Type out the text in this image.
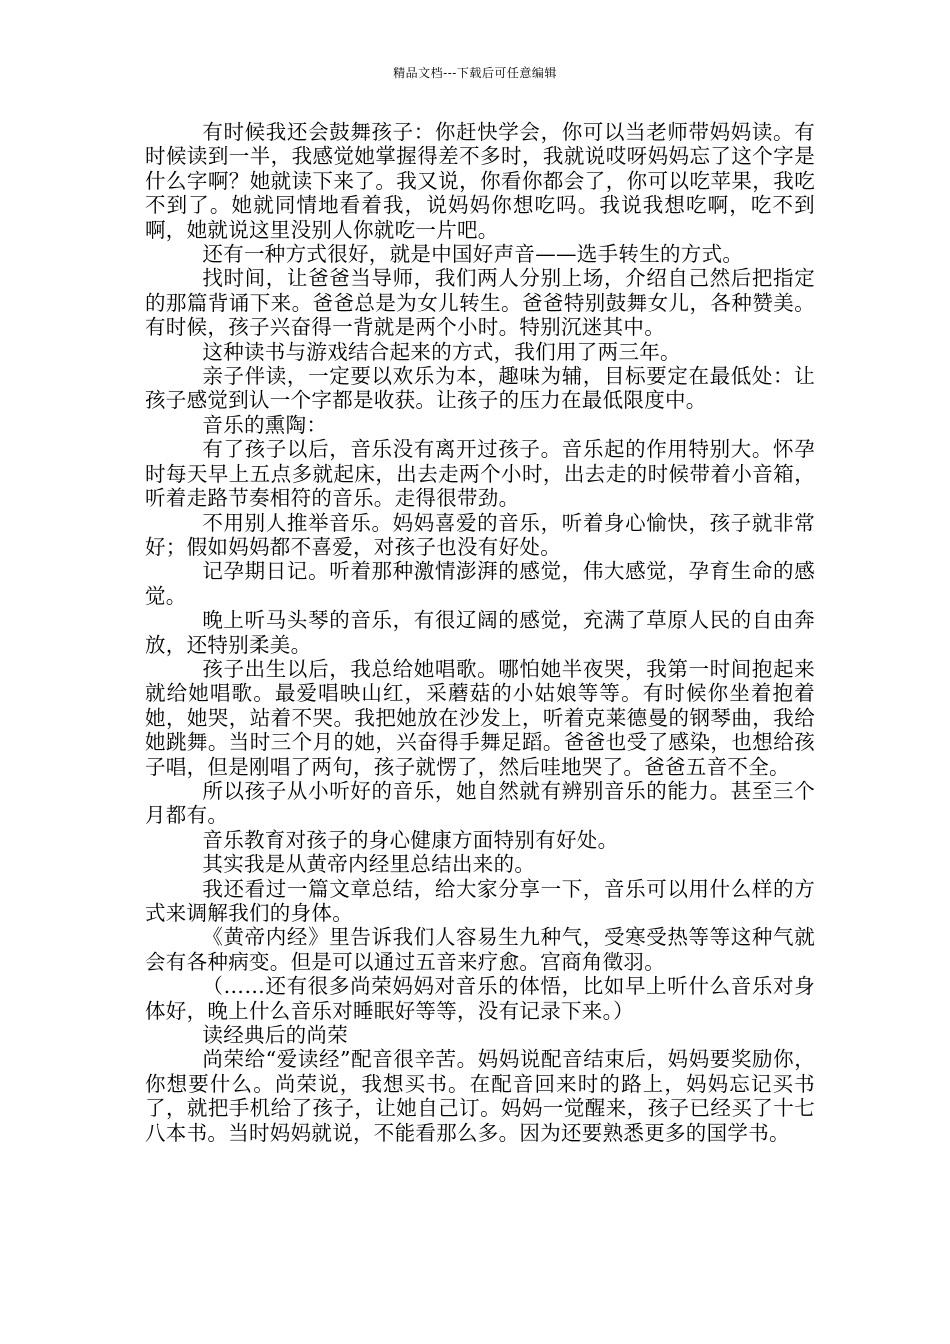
精品文档---下载后可任意编辑

有时候我还会鼓舞孩子：你赶快学会，你可以当老师带妈妈读。有时候读到一半，我感觉她掌握得差不多时，我就说哎呀妈妈忘了这个字是什么字啊？她就读下来了。我又说，你看你都会了，你可以吃苹果，我吃不到了。她就同情地看着我，说妈妈你想吃吗。我说我想吃啊，吃不到啊，她就说这里没别人你就吃一片吧。

还有一种方式很好，就是中国好声音——选手转生的方式。

找时间，让爸爸当导师，我们两人分别上场，介绍自己然后把指定的那篇背诵下来。爸爸总是为女儿转生。爸爸特别鼓舞女儿，各种赞美。有时候，孩子兴奋得一背就是两个小时。特别沉迷其中。

这种读书与游戏结合起来的方式，我们用了两三年。

亲子伴读，一定要以欢乐为本，趣味为辅，目标要定在最低处：让孩子感觉到认一个字都是收获。让孩子的压力在最低限度中。

音乐的熏陶：

有了孩子以后，音乐没有离开过孩子。音乐起的作用特别大。怀孕时每天早上五点多就起床，出去走两个小时，出去走的时候带着小音箱，听着走路节奏相符的音乐。走得很带劲。

不用别人推举音乐。妈妈喜爱的音乐，听着身心愉快，孩子就非常好；假如妈妈都不喜爱，对孩子也没有好处。

记孕期日记。听着那种激情澎湃的感觉，伟大感觉，孕育生命的感觉。

晚上听马头琴的音乐，有很辽阔的感觉，充满了草原人民的自由奔放，还特别柔美。

孩子出生以后，我总给她唱歌。哪怕她半夜哭，我第一时间抱起来就给她唱歌。最爱唱映山红，采蘑菇的小姑娘等等。有时候你坐着抱着她，她哭，站着不哭。我把她放在沙发上，听着克莱德曼的钢琴曲，我给她跳舞。当时三个月的她，兴奋得手舞足蹈。爸爸也受了感染，也想给孩子唱，但是刚唱了两句，孩子就愣了，然后哇地哭了。爸爸五音不全。

所以孩子从小听好的音乐，她自然就有辨别音乐的能力。甚至三个月都有。

音乐教育对孩子的身心健康方面特别有好处。

其实我是从黄帝内经里总结出来的。

我还看过一篇文章总结，给大家分享一下，音乐可以用什么样的方式来调解我们的身体。

《黄帝内经》里告诉我们人容易生九种气，受寒受热等等这种气就会有各种病变。但是可以通过五音来疗愈。宫商角徵羽。

（……还有很多尚荣妈妈对音乐的体悟，比如早上听什么音乐对身体好，晚上什么音乐对睡眠好等等，没有记录下来。）

读经典后的尚荣

尚荣给“爱读经”配音很辛苦。妈妈说配音结束后，妈妈要奖励你，你想要什么。尚荣说，我想买书。在配音回来时的路上，妈妈忘记买书了，就把手机给了孩子，让她自己订。妈妈一觉醒来，孩子已经买了十七八本书。当时妈妈就说，不能看那么多。因为还要熟悉更多的国学书。
